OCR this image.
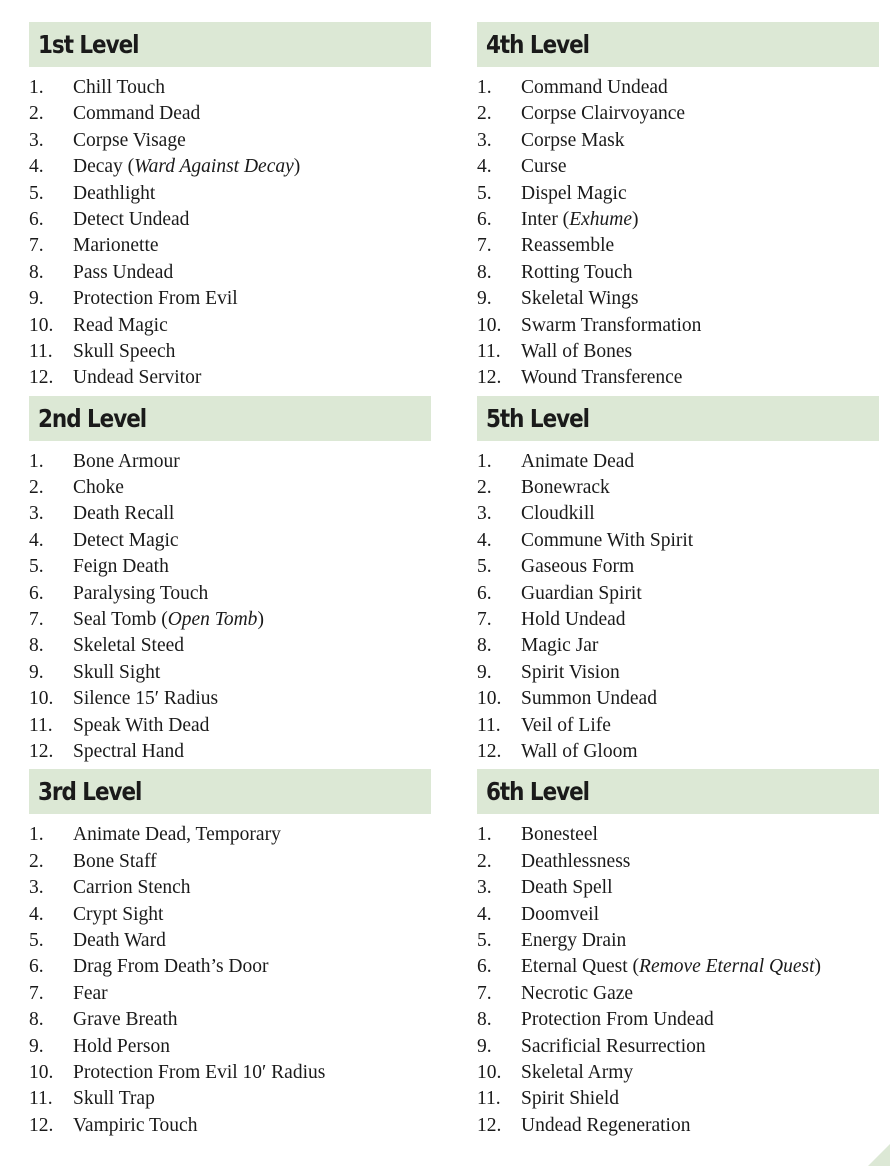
1st Level
1.	Chill Touch
2.	Command Dead
3.	Corpse Visage
4.	Decay (Ward Against Decay)
5.	Deathlight
6.	Detect Undead
7.	Marionette
8.	Pass Undead
9.	Protection From Evil
10.	Read Magic
11.	Skull Speech
12.	Undead Servitor
2nd Level
1.	Bone Armour
2.	Choke
3.	Death Recall
4.	Detect Magic
5.	Feign Death
6.	Paralysing Touch
7.	Seal Tomb (Open Tomb)
8.	Skeletal Steed
9.	Skull Sight
10.	Silence 15′ Radius
11.	Speak With Dead
12.	Spectral Hand
3rd Level
1.	Animate Dead, Temporary
2.	Bone Staff
3.	Carrion Stench
4.	Crypt Sight
5.	Death Ward
6.	Drag From Death’s Door
7.	Fear
8.	Grave Breath
9.	Hold Person
10.	Protection From Evil 10′ Radius
11.	Skull Trap
12.	Vampiric Touch
4th Level
1.	Command Undead
2.	Corpse Clairvoyance
3.	Corpse Mask
4.	Curse
5.	Dispel Magic
6.	Inter (Exhume)
7.	Reassemble
8.	Rotting Touch
9.	Skeletal Wings
10.	Swarm Transformation
11.	Wall of Bones
12.	Wound Transference
5th Level
1.	Animate Dead
2.	Bonewrack
3.	Cloudkill
4.	Commune With Spirit
5.	Gaseous Form
6.	Guardian Spirit
7.	Hold Undead
8.	Magic Jar
9.	Spirit Vision
10.	Summon Undead
11.	Veil of Life
12.	Wall of Gloom
6th Level
1.	Bonesteel
2.	Deathlessness
3.	Death Spell
4.	Doomveil
5.	Energy Drain
6.	Eternal Quest (Remove Eternal Quest)
7.	Necrotic Gaze
8.	Protection From Undead
9.	Sacrificial Resurrection
10.	Skeletal Army
11.	Spirit Shield
12.	Undead Regeneration
